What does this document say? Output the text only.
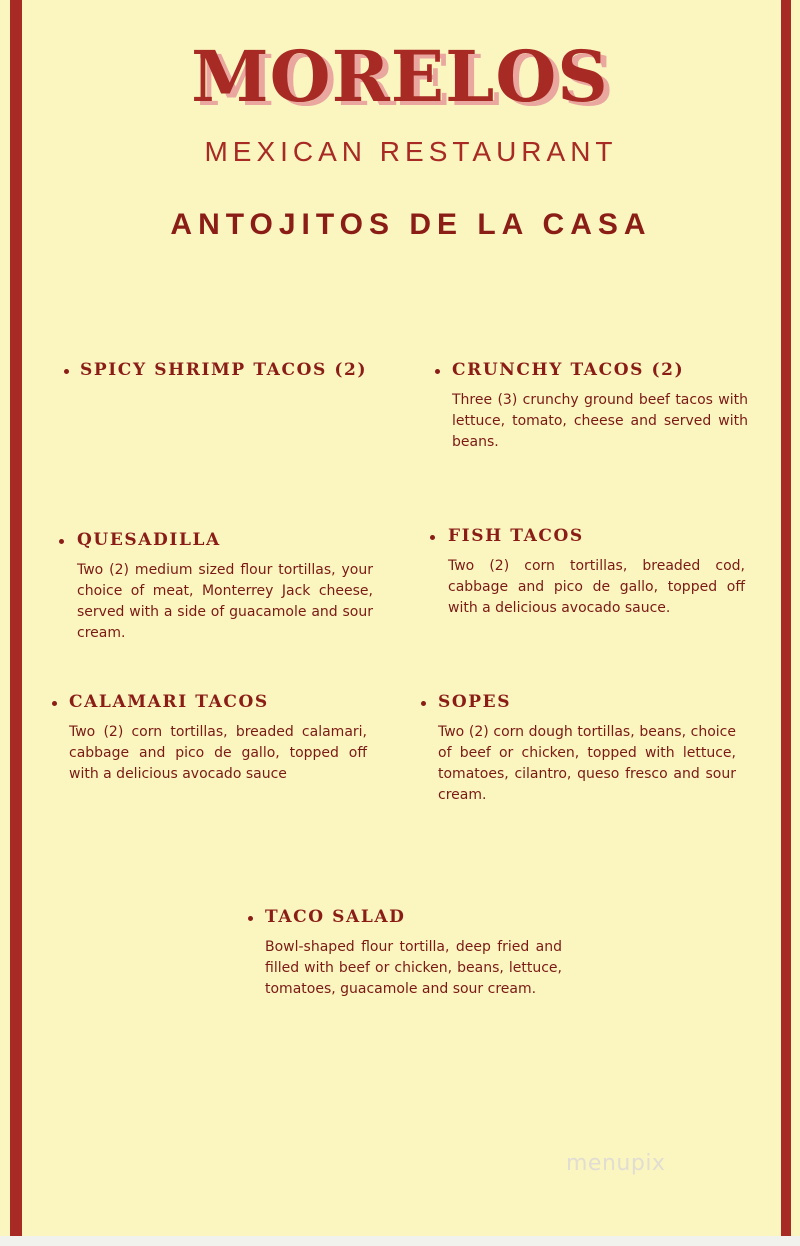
MORELOS
MEXICAN RESTAURANT
ANTOJITOS DE LA CASA
SPICY SHRIMP TACOS (2)	CRUNCHY TACOS (2)
Three (3) crunchy ground beef tacos with lettuce, tomato, cheese and served with beans.
QUESADILLA
Two (2) medium sized flour tortillas, your choice of meat, Monterrey Jack cheese, served with a side of guacamole and sour cream.
FISH TACOS
Two (2) corn tortillas, breaded cod, cabbage and pico de gallo, topped off with a delicious avocado sauce.
CALAMARI TACOS
Two (2) corn tortillas, breaded calamari, cabbage and pico de gallo, topped off with a delicious avocado sauce
SOPES
Two (2) corn dough tortillas, beans, choice of beef or chicken, topped with lettuce, tomatoes, cilantro, queso fresco and sour cream.
TACO SALAD
Bowl-shaped flour tortilla, deep fried and filled with beef or chicken, beans, lettuce, tomatoes, guacamole and sour cream.
menupix
